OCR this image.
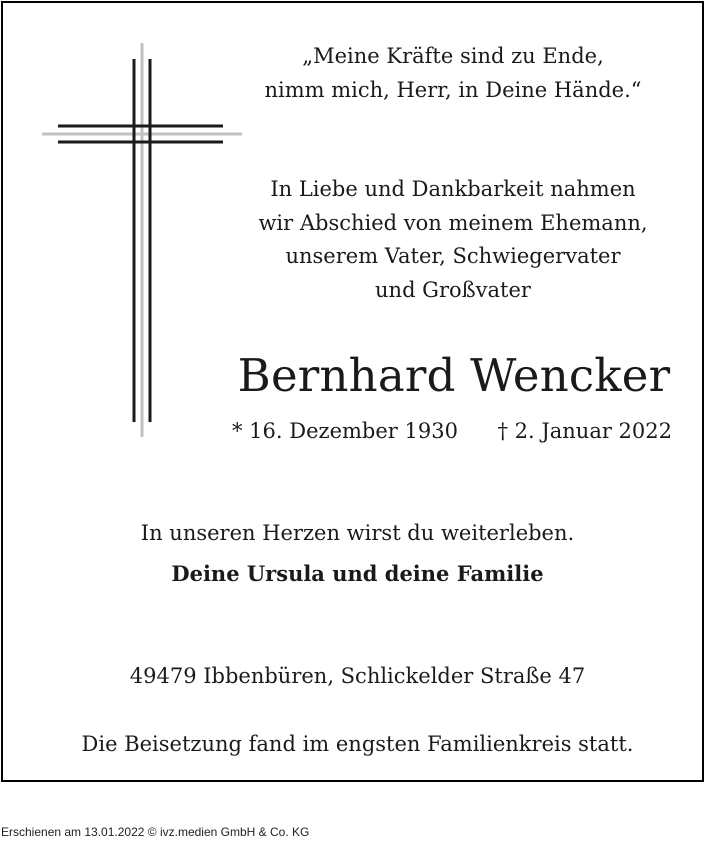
„Meine Kräfte sind zu Ende,
nimm mich, Herr, in Deine Hände.“
In Liebe und Dankbarkeit nahmen
wir Abschied von meinem Ehemann,
unserem Vater, Schwiegervater
und Großvater
Bernhard Wencker
* 16. Dezember 1930 † 2. Januar 2022
In unseren Herzen wirst du weiterleben.
Deine Ursula und deine Familie
49479 Ibbenbüren, Schlickelder Straße 47
Die Beisetzung fand im engsten Familienkreis statt.
Erschienen am 13.01.2022 © ivz.medien GmbH & Co. KG
